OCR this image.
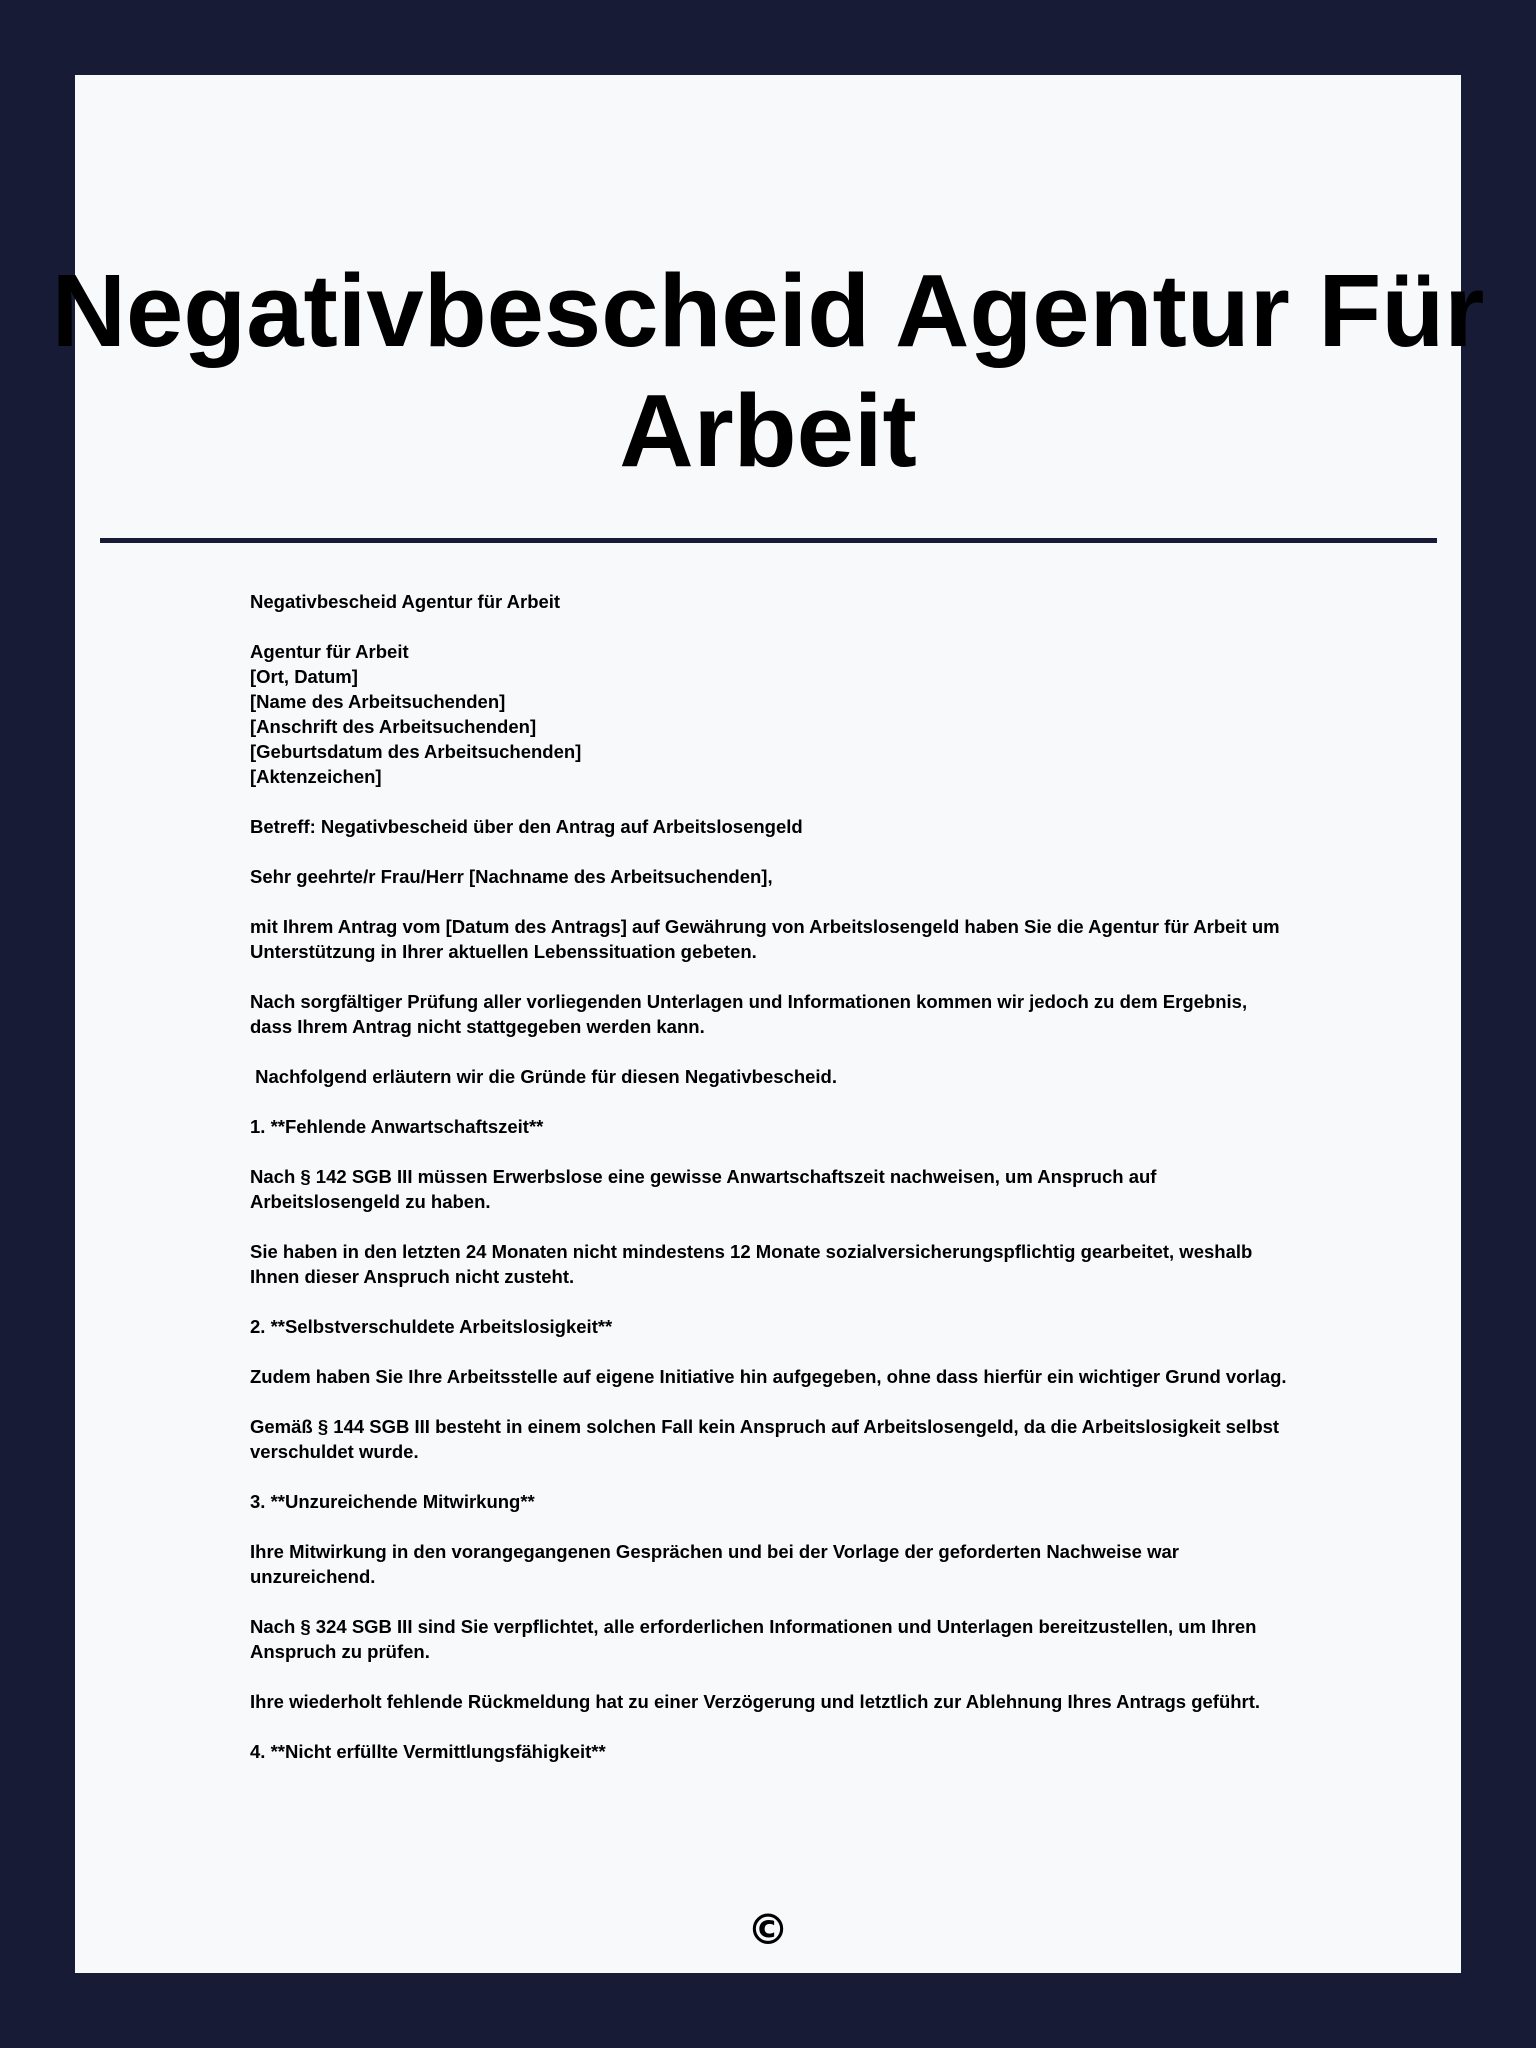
Negativbescheid Agentur Für
Arbeit

Negativbescheid Agentur für Arbeit

Agentur für Arbeit
[Ort, Datum]
[Name des Arbeitsuchenden]
[Anschrift des Arbeitsuchenden]
[Geburtsdatum des Arbeitsuchenden]
[Aktenzeichen]

Betreff: Negativbescheid über den Antrag auf Arbeitslosengeld

Sehr geehrte/r Frau/Herr [Nachname des Arbeitsuchenden],

mit Ihrem Antrag vom [Datum des Antrags] auf Gewährung von Arbeitslosengeld haben Sie die Agentur für Arbeit um Unterstützung in Ihrer aktuellen Lebenssituation gebeten.

Nach sorgfältiger Prüfung aller vorliegenden Unterlagen und Informationen kommen wir jedoch zu dem Ergebnis, dass Ihrem Antrag nicht stattgegeben werden kann.

Nachfolgend erläutern wir die Gründe für diesen Negativbescheid.

1. **Fehlende Anwartschaftszeit**

Nach § 142 SGB III müssen Erwerbslose eine gewisse Anwartschaftszeit nachweisen, um Anspruch auf Arbeitslosengeld zu haben.

Sie haben in den letzten 24 Monaten nicht mindestens 12 Monate sozialversicherungspflichtig gearbeitet, weshalb Ihnen dieser Anspruch nicht zusteht.

2. **Selbstverschuldete Arbeitslosigkeit**

Zudem haben Sie Ihre Arbeitsstelle auf eigene Initiative hin aufgegeben, ohne dass hierfür ein wichtiger Grund vorlag.

Gemäß § 144 SGB III besteht in einem solchen Fall kein Anspruch auf Arbeitslosengeld, da die Arbeitslosigkeit selbst verschuldet wurde.

3. **Unzureichende Mitwirkung**

Ihre Mitwirkung in den vorangegangenen Gesprächen und bei der Vorlage der geforderten Nachweise war unzureichend.

Nach § 324 SGB III sind Sie verpflichtet, alle erforderlichen Informationen und Unterlagen bereitzustellen, um Ihren Anspruch zu prüfen.

Ihre wiederholt fehlende Rückmeldung hat zu einer Verzögerung und letztlich zur Ablehnung Ihres Antrags geführt.

4. **Nicht erfüllte Vermittlungsfähigkeit**

©
